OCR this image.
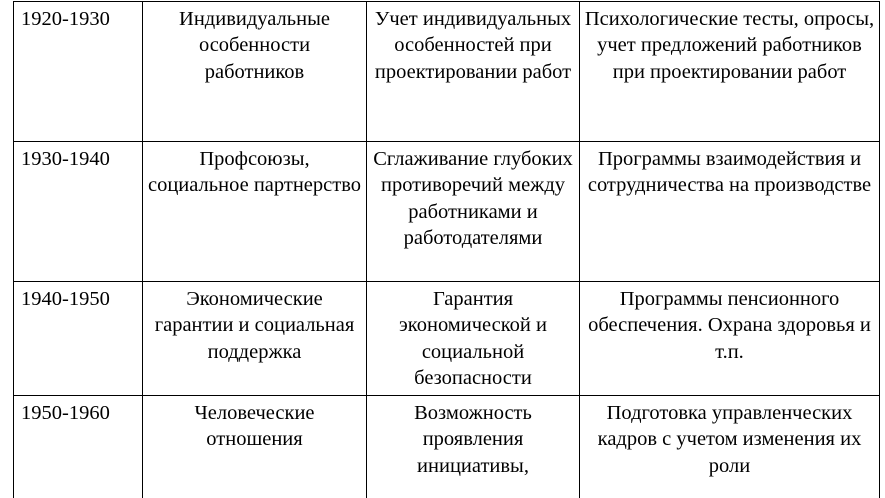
1920-1930	Индивидуальные особенности работников	Учет индивидуальных особенностей при проектировании работ	Психологические тесты, опросы, учет предложений работников при проектировании работ
1930-1940	Профсоюзы, социальное партнерство	Сглаживание глубоких противоречий между работниками и работодателями	Программы взаимодействия и сотрудничества на производстве
1940-1950	Экономические гарантии и социальная поддержка	Гарантия экономической и социальной безопасности	Программы пенсионного обеспечения. Охрана здоровья и т.п.
1950-1960	Человеческие отношения	Возможность проявления инициативы,	Подготовка управленческих кадров с учетом изменения их роли
